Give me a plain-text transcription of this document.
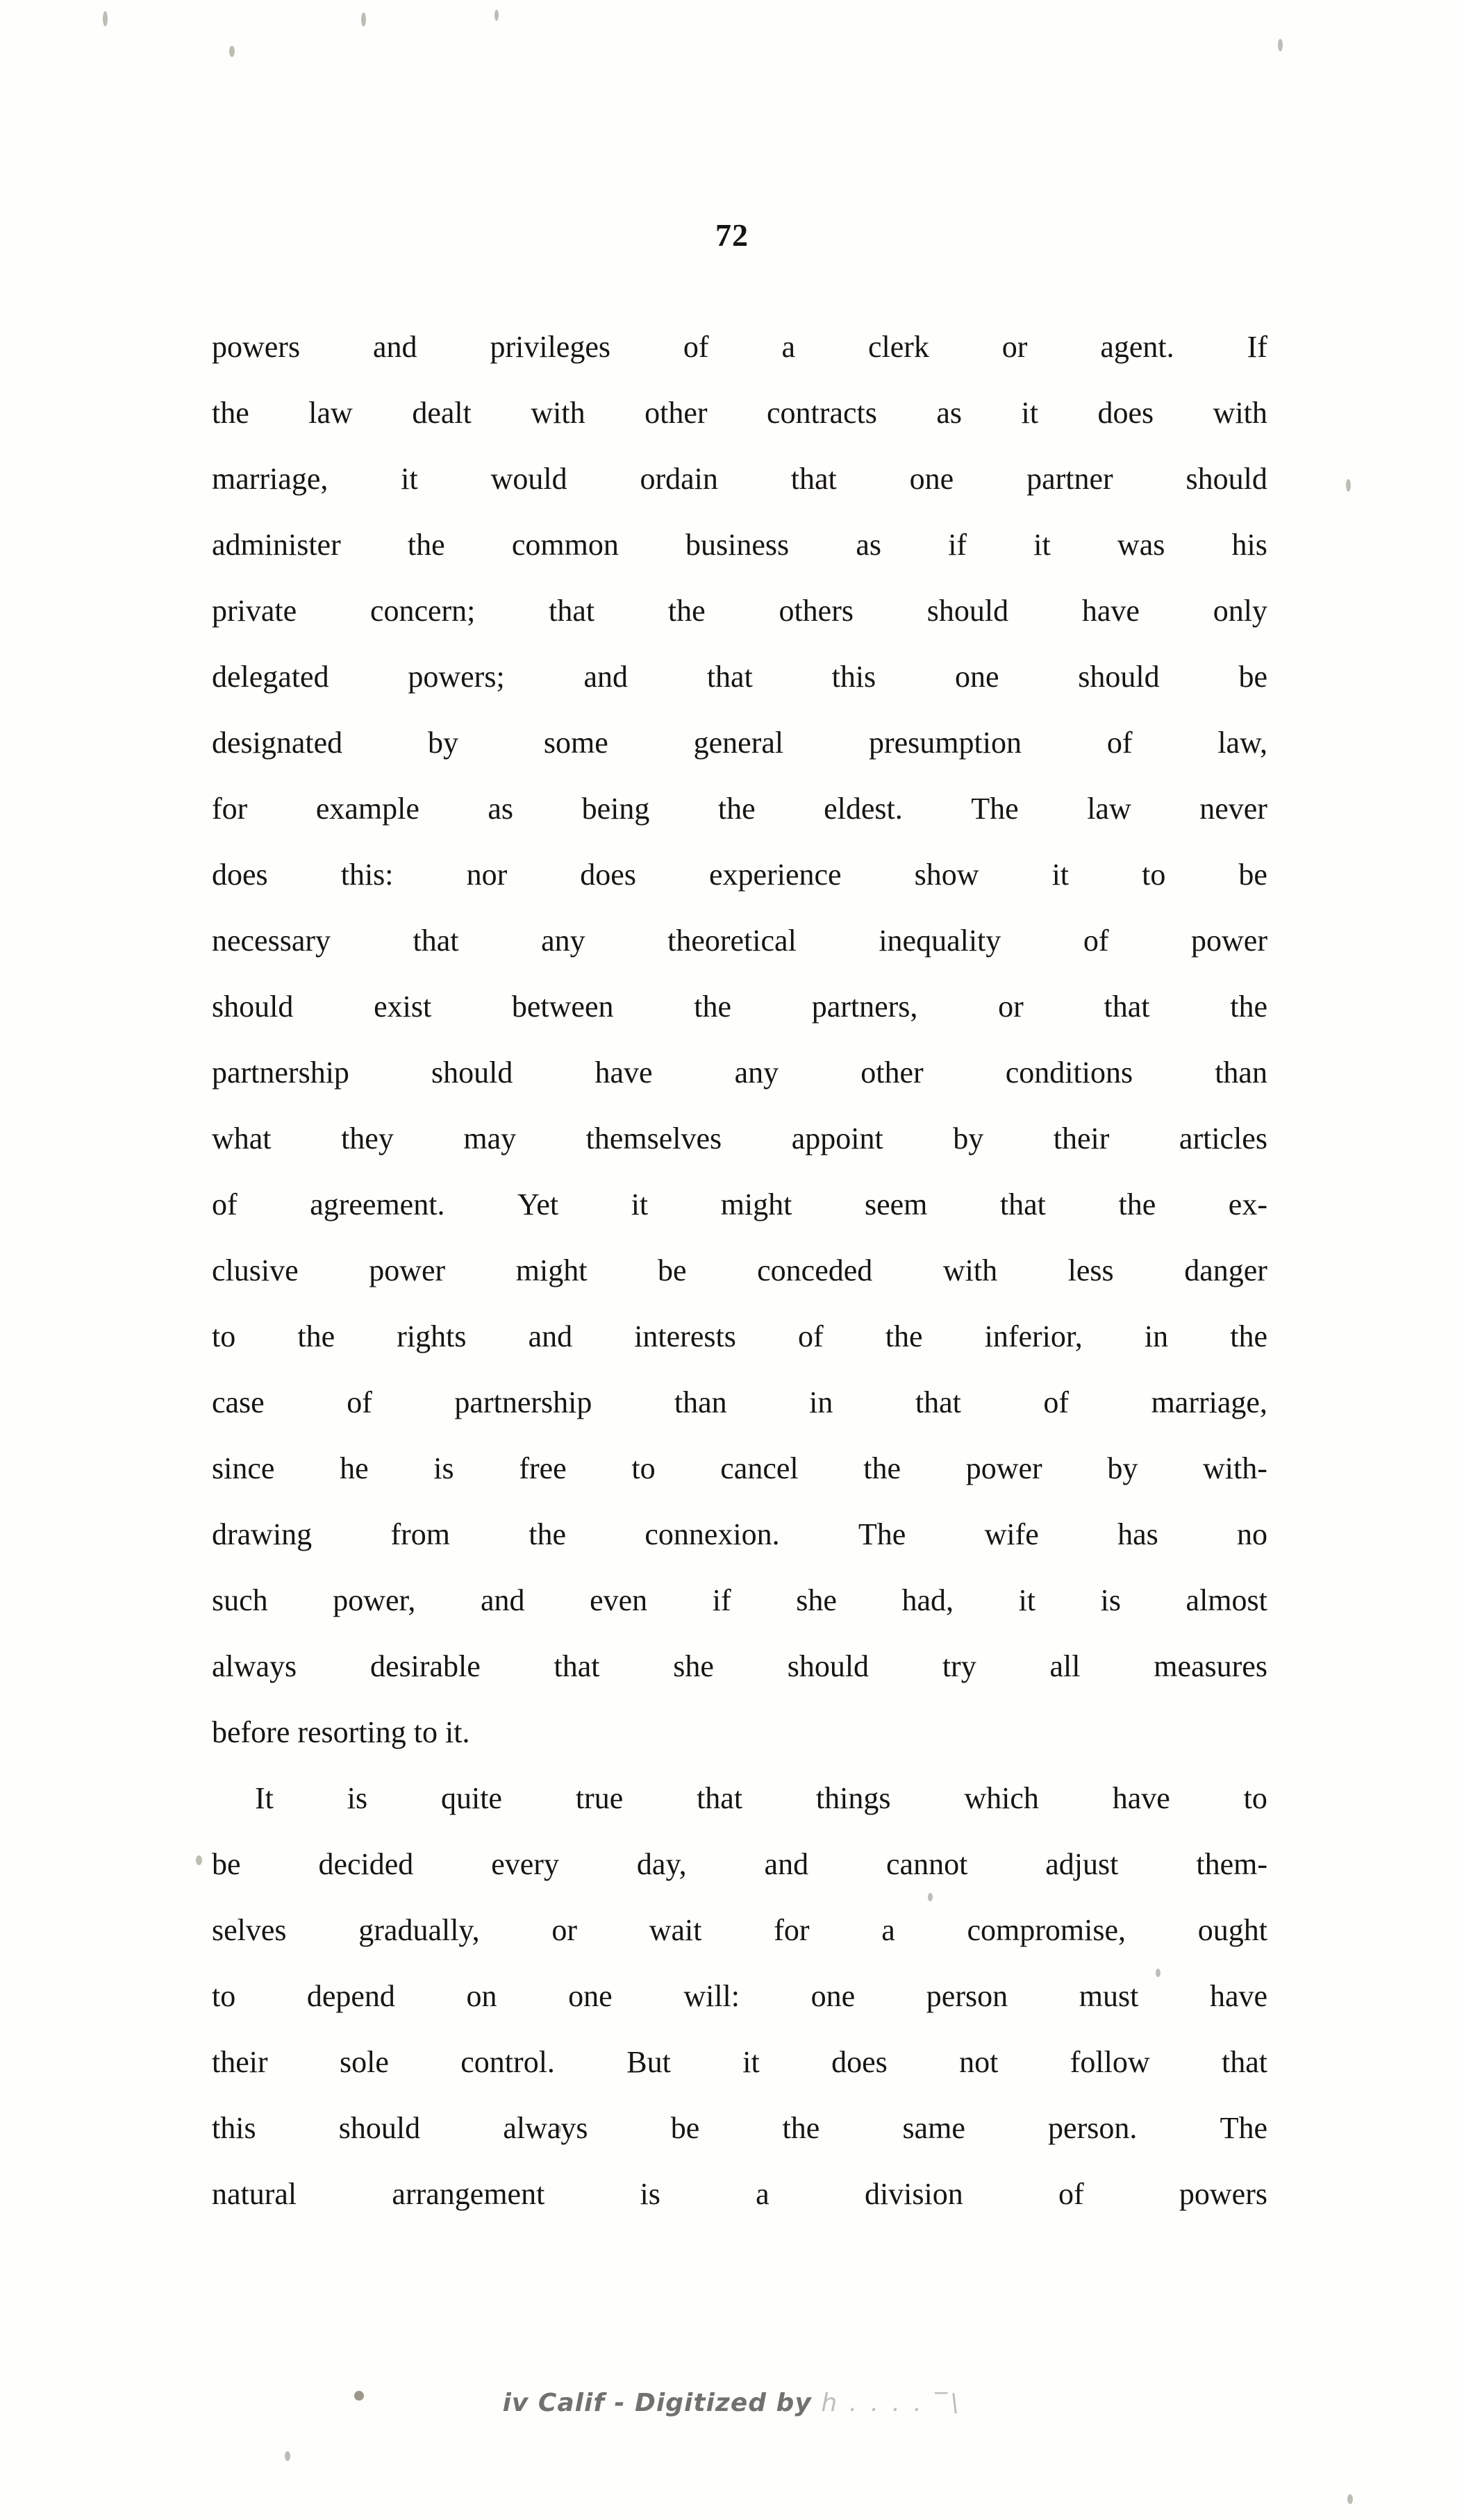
72
powers and privileges of a clerk or agent. If
the law dealt with other contracts as it does with
marriage, it would ordain that one partner should
administer the common business as if it was his
private concern; that the others should have only
delegated	powers;	and	that	this	one	should	be
designated	by	some	general	presumption	of	law,
for example as being the eldest. The law never
does this: nor does experience show it to be
necessary	that	any	theoretical	inequality	of	power
should	exist	between	the	partners,	or	that	the
partnership	should	have	any	other	conditions	than
what they may themselves appoint by their articles
of agreement. Yet it might seem that the ex-
clusive power might be conceded with less danger
to the rights and interests of the inferior, in the
case	of	partnership	than	in	that	of	marriage,
since he is free to cancel the power by with-
drawing	from	the	connexion.	The	wife	has	no
such power, and even if she had, it is almost
always desirable that she should try all measures
before
resorting
to
it.
It is quite true that things which have to
be	decided	every	day,	and	cannot	adjust	them-
selves gradually, or wait for a compromise, ought
to depend on one will: one person must have
their sole control. But it does not follow that
this	should	always	be	the	same	person.	The
natural	arrangement	is	a	division	of	powers
iv Calif - Digitized by h . . . . ‾\
